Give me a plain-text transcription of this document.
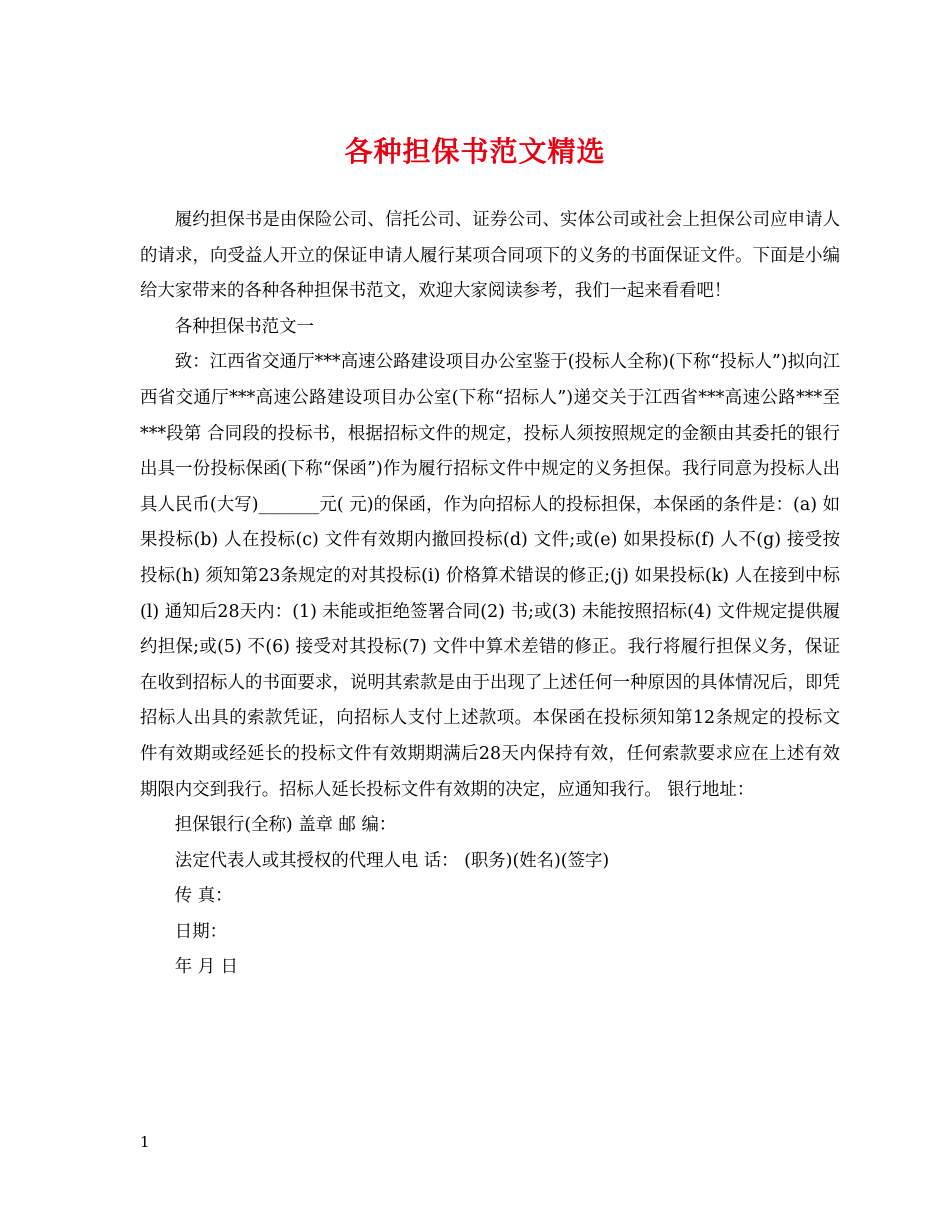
各种担保书范文精选

履约担保书是由保险公司、信托公司、证券公司、实体公司或社会上担保公司应申请人的请求，向受益人开立的保证申请人履行某项合同项下的义务的书面保证文件。下面是小编给大家带来的各种各种担保书范文，欢迎大家阅读参考，我们一起来看看吧！

各种担保书范文一

致：江西省交通厅***高速公路建设项目办公室鉴于(投标人全称)(下称“投标人”)拟向江西省交通厅***高速公路建设项目办公室(下称“招标人”)递交关于江西省***高速公路***至***段第 合同段的投标书，根据招标文件的规定，投标人须按照规定的金额由其委托的银行出具一份投标保函(下称“保函”)作为履行招标文件中规定的义务担保。我行同意为投标人出具人民币(大写)_______元( 元)的保函，作为向招标人的投标担保，本保函的条件是：(a) 如果投标(b) 人在投标(c) 文件有效期内撤回投标(d) 文件;或(e) 如果投标(f) 人不(g) 接受按投标(h) 须知第23条规定的对其投标(i) 价格算术错误的修正;(j) 如果投标(k) 人在接到中标(l) 通知后28天内：(1) 未能或拒绝签署合同(2) 书;或(3) 未能按照招标(4) 文件规定提供履约担保;或(5) 不(6) 接受对其投标(7) 文件中算术差错的修正。我行将履行担保义务，保证在收到招标人的书面要求，说明其索款是由于出现了上述任何一种原因的具体情况后，即凭招标人出具的索款凭证，向招标人支付上述款项。本保函在投标须知第12条规定的投标文件有效期或经延长的投标文件有效期期满后28天内保持有效，任何索款要求应在上述有效期限内交到我行。招标人延长投标文件有效期的决定，应通知我行。 银行地址：

担保银行(全称) 盖章 邮 编：

法定代表人或其授权的代理人电 话： (职务)(姓名)(签字)

传 真：

日期：

年 月 日

1
